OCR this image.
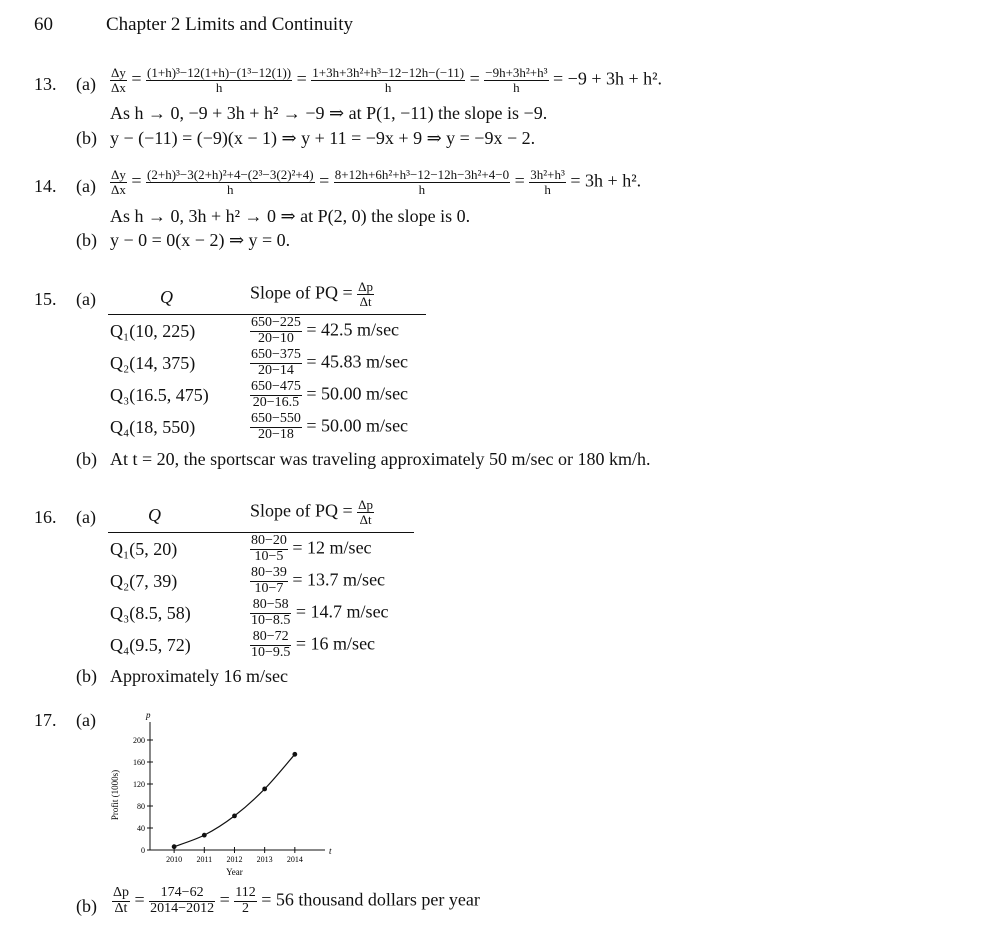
60	Chapter 2 Limits and Continuity
13. $(a) \frac{\Delta y}{\Delta x} = \frac{\text{(1+h)³−12(1+h)−(1³−12(1))}}{h} = \frac{\text{1+3h+3h²+h³−12−12h−(−11)}}{h} = \frac{\text{−9h+3h²+h³}}{h} = -9 + 3h + h^2$.
As h → 0, −9 + 3h + h² → −9 ⇒ at P(1, −11) the slope is −9.
(b) y − (−11) = (−9)(x − 1) ⇒ y + 11 = −9x + 9 ⇒ y = −9x − 2.
14. $(a) \frac{\Delta y}{\Delta x} = \frac{\text{(2+h)³−3(2+h)²+4−(2³−3(2)²+4)}}{h} = \frac{\text{8+12h+6h²+h³−12−12h−3h²+4−0}}{h} = \frac{\text{3h²+h³}}{h} = 3h + h^2$.
As h → 0, 3h + h² → 0 ⇒ at P(2, 0) the slope is 0.
(b) y − 0 = 0(x − 2) ⇒ y = 0.
15. (a)	Q	Slope of PQ = $\frac{\Delta p}{\Delta t}$
Q₁(10, 225)	$\frac{650-225}{20-10} = 42.5$ m/sec
Q₂(14, 375)	$\frac{650-375}{20-14} = 45.83$ m/sec
Q₃(16.5, 475)	$\frac{650-475}{20-16.5} = 50.00$ m/sec
Q₄(18, 550)	$\frac{650-550}{20-18} = 50.00$ m/sec
(b) At t = 20, the sportscar was traveling approximately 50 m/sec or 180 km/h.
16. (a)	Q	Slope of PQ = $\frac{\Delta p}{\Delta t}$
Q₁(5, 20)	$\frac{80-20}{10-5} = 12$ m/sec
Q₂(7, 39)	$\frac{80-39}{10-7} = 13.7$ m/sec
Q₃(8.5, 58)	$\frac{80-58}{10-8.5} = 14.7$ m/sec
Q₄(9.5, 72)	$\frac{80-72}{10-9.5} = 16$ m/sec
(b) Approximately 16 m/sec
17. (a)
t
p
0
40
80
120
160
200
2010 2011 2012 2013 2014
Year
Profit (1000s)
$(b) \frac{\Delta p}{\Delta t} = \frac{174-62}{2014-2012} = \frac{112}{2} = 56$ thousand dollars per year
